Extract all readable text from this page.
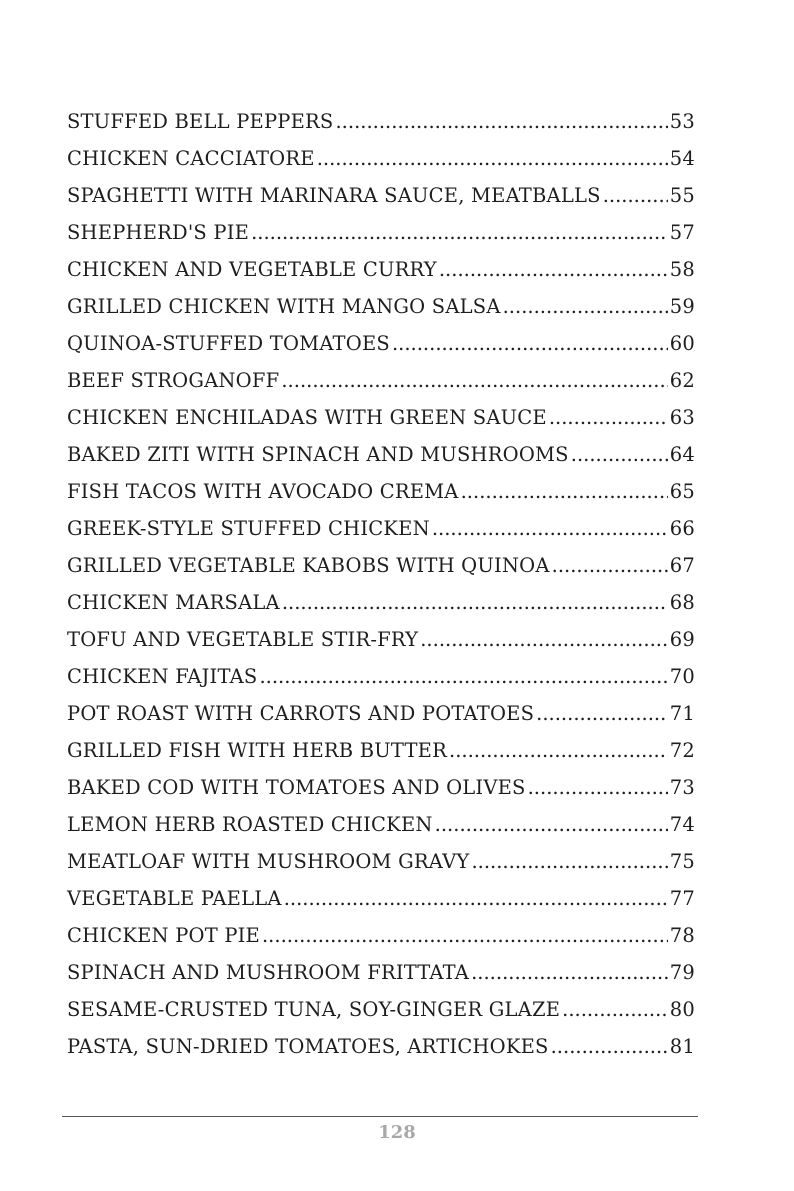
STUFFED BELL PEPPERS .....	53
CHICKEN CACCIATORE .....	54
SPAGHETTI WITH MARINARA SAUCE, MEATBALLS .....	55
SHEPHERD'S PIE .....	57
CHICKEN AND VEGETABLE CURRY .....	58
GRILLED CHICKEN WITH MANGO SALSA .....	59
QUINOA-STUFFED TOMATOES .....	60
BEEF STROGANOFF .....	62
CHICKEN ENCHILADAS WITH GREEN SAUCE .....	63
BAKED ZITI WITH SPINACH AND MUSHROOMS .....	64
FISH TACOS WITH AVOCADO CREMA .....	65
GREEK-STYLE STUFFED CHICKEN .....	66
GRILLED VEGETABLE KABOBS WITH QUINOA .....	67
CHICKEN MARSALA .....	68
TOFU AND VEGETABLE STIR-FRY .....	69
CHICKEN FAJITAS .....	70
POT ROAST WITH CARROTS AND POTATOES .....	71
GRILLED FISH WITH HERB BUTTER .....	72
BAKED COD WITH TOMATOES AND OLIVES .....	73
LEMON HERB ROASTED CHICKEN .....	74
MEATLOAF WITH MUSHROOM GRAVY .....	75
VEGETABLE PAELLA .....	77
CHICKEN POT PIE .....	78
SPINACH AND MUSHROOM FRITTATA .....	79
SESAME-CRUSTED TUNA, SOY-GINGER GLAZE .....	80
PASTA, SUN-DRIED TOMATOES, ARTICHOKES .....	81
128
